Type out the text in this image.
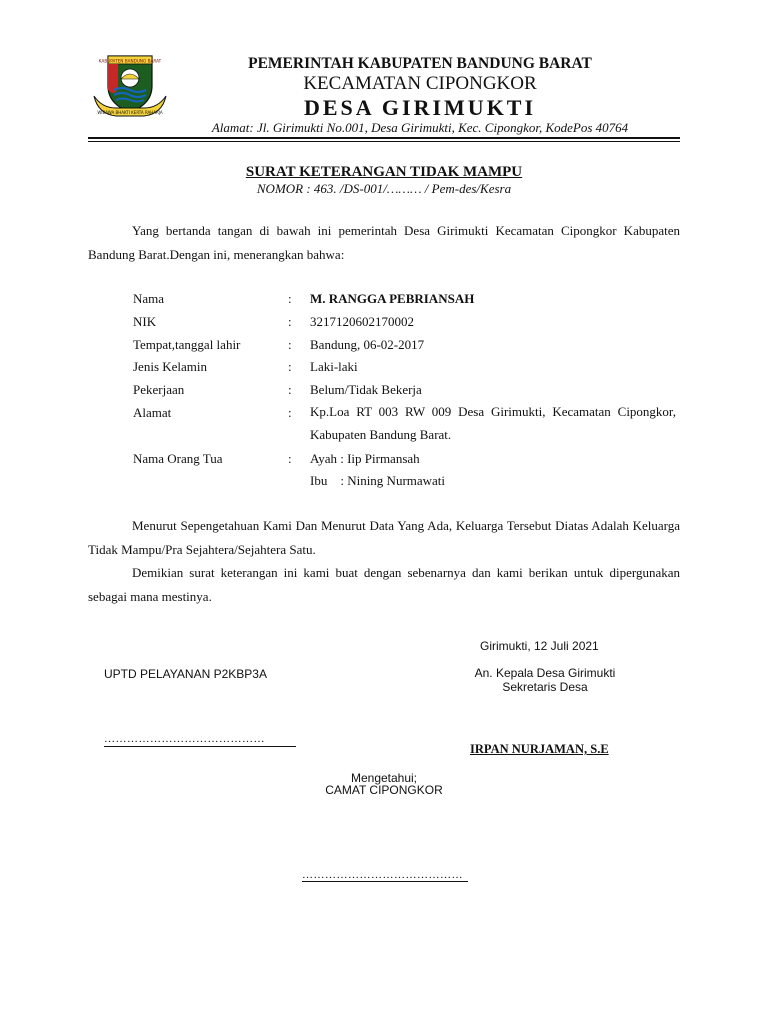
KABUPATEN BANDUNG BARAT
WIBAWA BHAKTI KERTA RAHARJA
PEMERINTAH KABUPATEN BANDUNG BARAT
KECAMATAN CIPONGKOR
DESA GIRIMUKTI
Alamat: Jl. Girimukti No.001, Desa Girimukti, Kec. Cipongkor, KodePos 40764
SURAT KETERANGAN TIDAK MAMPU
NOMOR : 463. /DS-001/……… / Pem-des/Kesra

Yang bertanda tangan di bawah ini pemerintah Desa Girimukti Kecamatan Cipongkor Kabupaten Bandung Barat.Dengan ini, menerangkan bahwa:

Nama	: M. RANGGA PEBRIANSAH
NIK	: 3217120602170002
Tempat,tanggal lahir	: Bandung, 06-02-2017
Jenis Kelamin	: Laki-laki
Pekerjaan	: Belum/Tidak Bekerja
Alamat	: Kp.Loa RT 003 RW 009 Desa Girimukti, Kecamatan Cipongkor, Kabupaten Bandung Barat.
Nama Orang Tua	: Ayah : Iip Pirmansah
Ibu    : Nining Nurmawati

Menurut Sepengetahuan Kami Dan Menurut Data Yang Ada, Keluarga Tersebut Diatas Adalah Keluarga Tidak Mampu/Pra Sejahtera/Sejahtera Satu.

Demikian surat keterangan ini kami buat dengan sebenarnya dan kami berikan untuk dipergunakan sebagai mana mestinya.

Girimukti, 12 Juli 2021
UPTD PELAYANAN P2KBP3A	An. Kepala Desa Girimukti
Sekretaris Desa
……………………………………
IRPAN NURJAMAN, S.E
Mengetahui;
CAMAT CIPONGKOR
……………………………………
